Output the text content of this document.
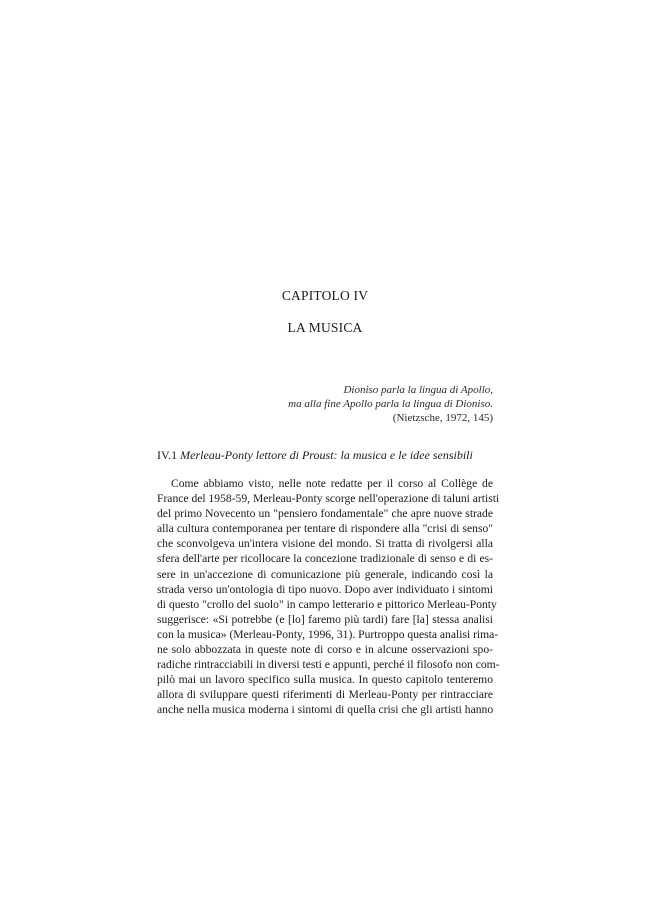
CAPITOLO IV
LA MUSICA
Dioniso parla la lingua di Apollo,
ma alla fine Apollo parla la lingua di Dioniso.
(Nietzsche, 1972, 145)
IV.1 Merleau-Ponty lettore di Proust: la musica e le idee sensibili
Come abbiamo visto, nelle note redatte per il corso al Collège de
France del 1958-59, Merleau-Ponty scorge nell'operazione di taluni artisti
del primo Novecento un "pensiero fondamentale" che apre nuove strade
alla cultura contemporanea per tentare di rispondere alla "crisi di senso"
che sconvolgeva un'intera visione del mondo. Si tratta di rivolgersi alla
sfera dell'arte per ricollocare la concezione tradizionale di senso e di es-
sere in un'accezione di comunicazione più generale, indicando così la
strada verso un'ontologia di tipo nuovo. Dopo aver individuato i sintomi
di questo "crollo del suolo" in campo letterario e pittorico Merleau-Ponty
suggerisce: «Si potrebbe (e [lo] faremo più tardi) fare [la] stessa analisi
con la musica» (Merleau-Ponty, 1996, 31). Purtroppo questa analisi rima-
ne solo abbozzata in queste note di corso e in alcune osservazioni spo-
radiche rintracciabili in diversi testi e appunti, perché il filosofo non com-
pilò mai un lavoro specifico sulla musica. In questo capitolo tenteremo
allora di sviluppare questi riferimenti di Merleau-Ponty per rintracciare
anche nella musica moderna i sintomi di quella crisi che gli artisti hanno
